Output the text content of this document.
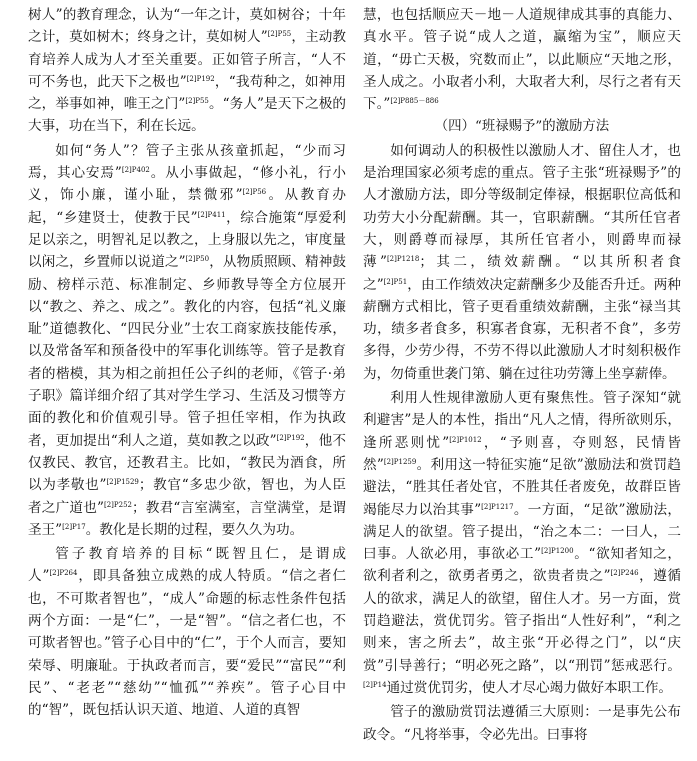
树人”的教育理念，认为“一年之计，莫如树谷；十年之计，莫如树木；终身之计，莫如树人”$^{[2]P55}$，主动教育培养人成为人才至关重要。正如管子所言，“人不可不务也，此天下之极也”$^{[2]P192}$，“我苟种之，如神用之，举事如神，唯王之门”$^{[2]P55}$。“务人”是天下之极的大事，功在当下，利在长远。

如何“务人”？管子主张从孩童抓起，“少而习焉，其心安焉”$^{[2]P402}$。从小事做起，“修小礼，行小义，饰小廉，谨小耻，禁微邪”$^{[2]P56}$。从教育办起，“乡建贤士，使教于民”$^{[2]P411}$，综合施策“厚爱利足以亲之，明智礼足以教之，上身服以先之，审度量以闲之，乡置师以说道之”$^{[2]P50}$，从物质照顾、精神鼓励、榜样示范、标准制定、乡师教导等全方位展开以“教之、养之、成之”。教化的内容，包括“礼义廉耻”道德教化、“四民分业”士农工商家族技能传承，以及常备军和预备役中的军事化训练等。管子是教育者的楷模，其为相之前担任公子纠的老师，《管子·弟子职》篇详细介绍了其对学生学习、生活及习惯等方面的教化和价值观引导。管子担任宰相，作为执政者，更加提出“利人之道，莫如教之以政”$^{[2]P192}$，他不仅教民、教官，还教君主。比如，“教民为酒食，所以为孝敬也”$^{[2]P1529}$；教官“多忠少欲，智也，为人臣者之广道也”$^{[2]P252}$；教君“言室满室，言堂满堂，是谓圣王”$^{[2]P17}$。教化是长期的过程，要久久为功。

管子教育培养的目标“既智且仁，是谓成人”$^{[2]P264}$，即具备独立成熟的成人特质。“信之者仁也，不可欺者智也”，“成人”命题的标志性条件包括两个方面：一是“仁”，一是“智”。“信之者仁也，不可欺者智也。”管子心目中的“仁”，于个人而言，要知荣辱、明廉耻。于执政者而言，要“爱民”“富民”“利民”、“老老”“慈幼”“恤孤”“养疾”。管子心目中的“智”，既包括认识天道、地道、人道的真智

慧，也包括顺应天－地－人道规律成其事的真能力、真水平。管子说“成人之道，赢缩为宝”，顺应天道，“毋亡天极，究数而止”，以此顺应“天地之形，圣人成之。小取者小利，大取者大利，尽行之者有天下。”$^{[2]P885-886}$

（四）“班禄赐予”的激励方法

如何调动人的积极性以激励人才、留住人才，也是治理国家必须考虑的重点。管子主张“班禄赐予”的人才激励方法，即分等级制定俸禄，根据职位高低和功劳大小分配薪酬。其一，官职薪酬。“其所任官者大，则爵尊而禄厚，其所任官者小，则爵卑而禄薄”$^{[2]P1218}$；其二，绩效薪酬。“以其所积者食之”$^{[2]P51}$，由工作绩效决定薪酬多少及能否升迁。两种薪酬方式相比，管子更看重绩效薪酬，主张“禄当其功，绩多者食多，积寡者食寡，无积者不食”，多劳多得，少劳少得，不劳不得以此激励人才时刻积极作为，勿倚重世袭门第、躺在过往功劳簿上坐享薪俸。

利用人性规律激励人更有聚焦性。管子深知“就利避害”是人的本性，指出“凡人之情，得所欲则乐，逢所恶则忧”$^{[2]P1012}$，“予则喜，夺则怒，民情皆然”$^{[2]P1259}$。利用这一特征实施“足欲”激励法和赏罚趋避法，“胜其任者处官，不胜其任者废免，故群臣皆竭能尽力以治其事”$^{[2]P1217}$。一方面，“足欲”激励法，满足人的欲望。管子提出，“治之本二：一曰人，二曰事。人欲必用，事欲必工”$^{[2]P1200}$。“欲知者知之，欲利者利之，欲勇者勇之，欲贵者贵之”$^{[2]P246}$，遵循人的欲求，满足人的欲望，留住人才。另一方面，赏罚趋避法，赏优罚劣。管子指出“人性好利”，“利之则来，害之所去”，故主张“开必得之门”，以“庆赏”引导善行；“明必死之路”，以“刑罚”惩戒恶行。$^{[2]P14}$通过赏优罚劣，使人才尽心竭力做好本职工作。

管子的激励赏罚法遵循三大原则：一是事先公布政令。“凡将举事，令必先出。曰事将
